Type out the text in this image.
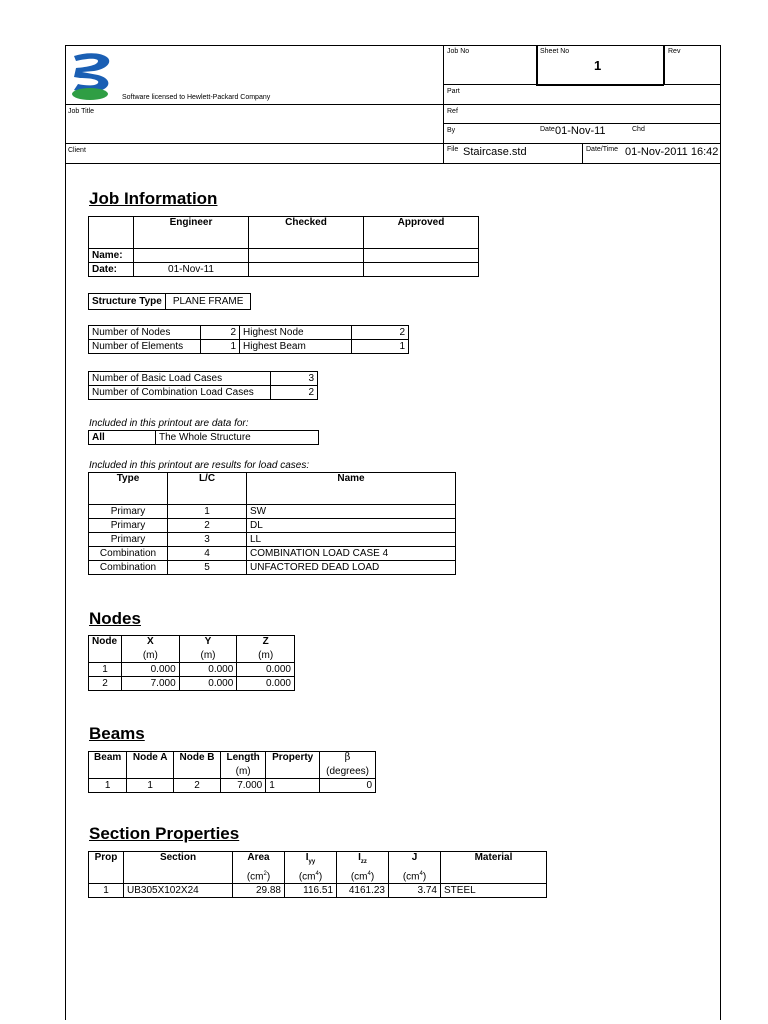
Software licensed to Hewlett-Packard Company
Job No	Sheet No
1
Rev
Part
Job Title	Ref
By	Date 01-Nov-11	Chd
Client	File Staircase.std	Date/Time 01-Nov-2011 16:42
Job Information
	Engineer	Checked	Approved
Name:			
Date:	01-Nov-11		
Structure Type	PLANE FRAME
Number of Nodes	2	Highest Node	2
Number of Elements	1	Highest Beam	1
Number of Basic Load Cases	3
Number of Combination Load Cases	2
Included in this printout are data for:
All	The Whole Structure
Included in this printout are results for load cases:
Type	L/C	Name
Primary	1	SW
Primary	2	DL
Primary	3	LL
Combination	4	COMBINATION LOAD CASE 4
Combination	5	UNFACTORED DEAD LOAD
Nodes
Node	X	Y	Z
	(m)	(m)	(m)
1	0.000	0.000	0.000
2	7.000	0.000	0.000
Beams
Beam	Node A	Node B	Length	Property	β
			(m)		(degrees)
1	1	2	7.000	1	0
Section Properties
Prop	Section	Area	$I_{yy}$	$I_{zz}$	J	Material
		$(cm^2)$	$(cm^4)$	$(cm^4)$	$(cm^4)$	
1	UB305X102X24	29.88	116.51	4161.23	3.74	STEEL
